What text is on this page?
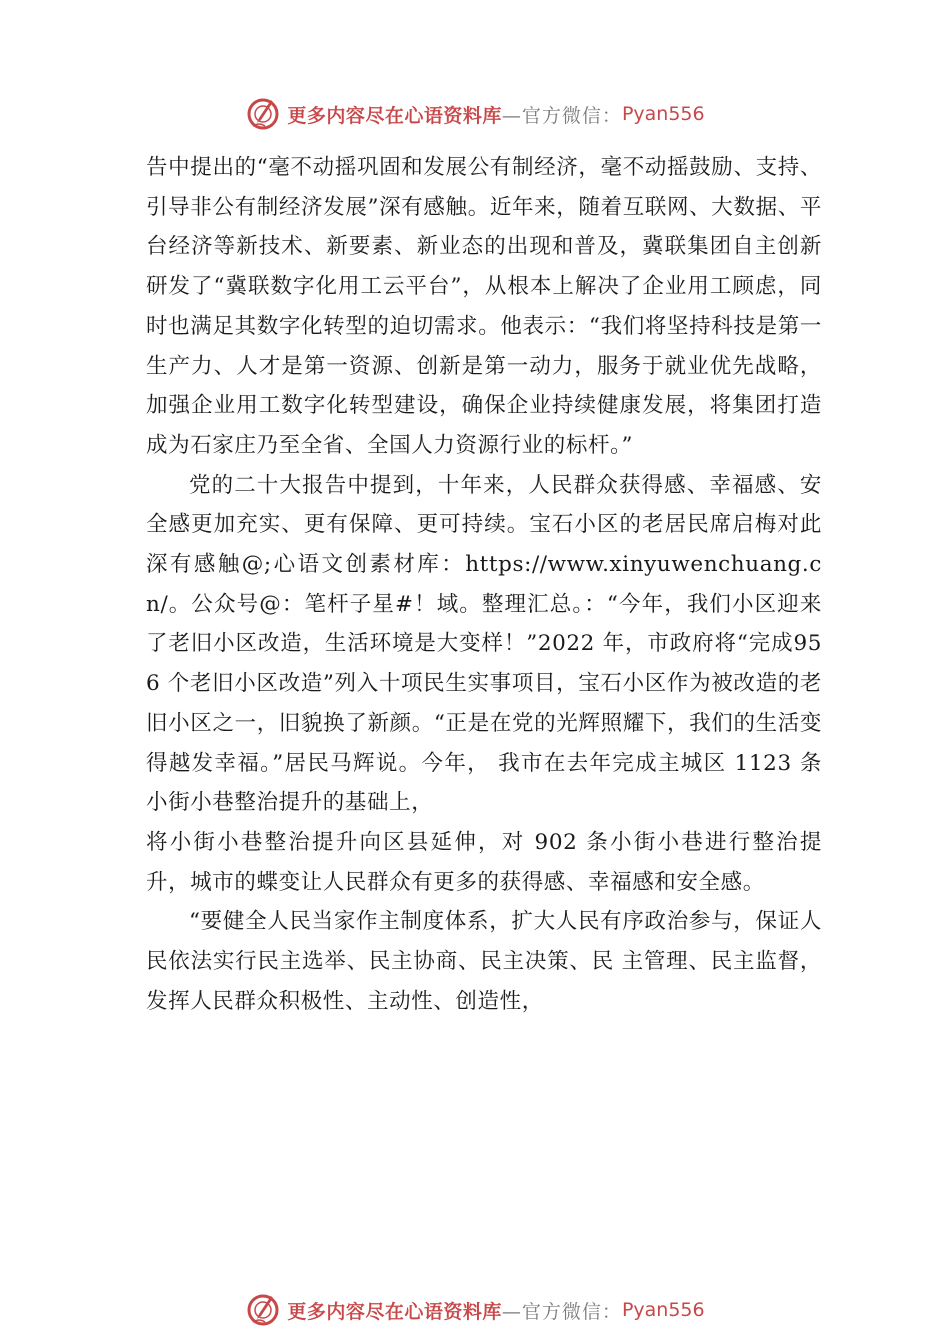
更多内容尽在心语资料库 —官方微信： Pyan556

告中提出的“毫不动摇巩固和发展公有制经济，毫不动摇鼓励、支持、引导非公有制经济发展”深有感触。近年来，随着互联网、大数据、平台经济等新技术、新要素、新业态的出现和普及，冀联集团自主创新研发了“冀联数字化用工云平台”，从根本上解决了企业用工顾虑，同时也满足其数字化转型的迫切需求。他表示：“我们将坚持科技是第一生产力、人才是第一资源、创新是第一动力，服务于就业优先战略，加强企业用工数字化转型建设，确保企业持续健康发展，将集团打造成为石家庄乃至全省、全国人力资源行业的标杆。”

党的二十大报告中提到，十年来，人民群众获得感、幸福感、安全感更加充实、更有保障、更可持续。宝石小区的老居民席启梅对此深有感触@;心语文创素材库：https://www.xinyuwenchuang.cn/。公众号@：笔杆子星#！域。整理汇总。：“今年，我们小区迎来了老旧小区改造，生活环境是大变样！”2022 年，市政府将“完成956 个老旧小区改造”列入十项民生实事项目，宝石小区作为被改造的老旧小区之一，旧貌换了新颜。“正是在党的光辉照耀下，我们的生活变得越发幸福。”居民马辉说。今年， 我市在去年完成主城区 1123 条小街小巷整治提升的基础上，
将小街小巷整治提升向区县延伸，对 902 条小街小巷进行整治提升，城市的蝶变让人民群众有更多的获得感、幸福感和安全感。

“要健全人民当家作主制度体系，扩大人民有序政治参与，保证人民依法实行民主选举、民主协商、民主决策、民 主管理、民主监督，发挥人民群众积极性、主动性、创造性，

更多内容尽在心语资料库 —官方微信： Pyan556
